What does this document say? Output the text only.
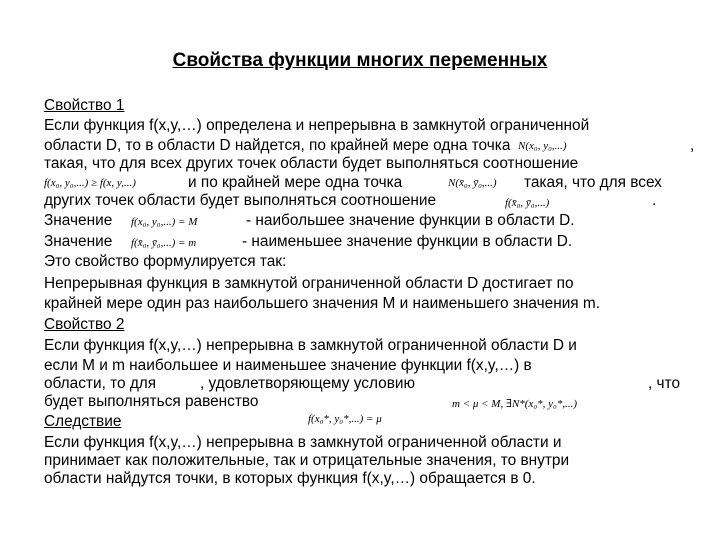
Свойства функции многих переменных
Свойство 1
Если функция f(x,y,…) определена и непрерывна в замкнутой ограниченной
области D, то в области D найдется, по крайней мере одна точка N(x₀, y₀,...)	,
такая, что для всех других точек области будет выполняться соотношение
f(x₀, y₀,...) ≥ f(x, y,...)	и по крайней мере одна точка	N(x̄₀, ȳ₀,...) такая, что для всех
других точек области будет выполняться соотношение	f(x̄₀, ȳ₀,...)	.
Значение f(x₀, y₀,...) = M	- наибольшее значение функции в области D.
Значение f(x̄₀, ȳ₀,...) = m	- наименьшее значение функции в области D.
Это свойство формулируется так:
Непрерывная функция в замкнутой ограниченной области D достигает по
крайней мере один раз наибольшего значения M и наименьшего значения m.
Свойство 2
Если функция f(x,y,…) непрерывна в замкнутой ограниченной области D и
если M и m наибольшее и наименьшее значение функции f(x,y,…) в
области, то для	, удовлетворяющему условию	, что
будет выполняться равенство	m < μ < M, ∃N*(x₀*, y₀*,...)
f(x₀*, y₀*,...) = μ
Следствие
Если функция f(x,y,…) непрерывна в замкнутой ограниченной области и
принимает как положительные, так и отрицательные значения, то внутри
области найдутся точки, в которых функция f(x,y,…) обращается в 0.
